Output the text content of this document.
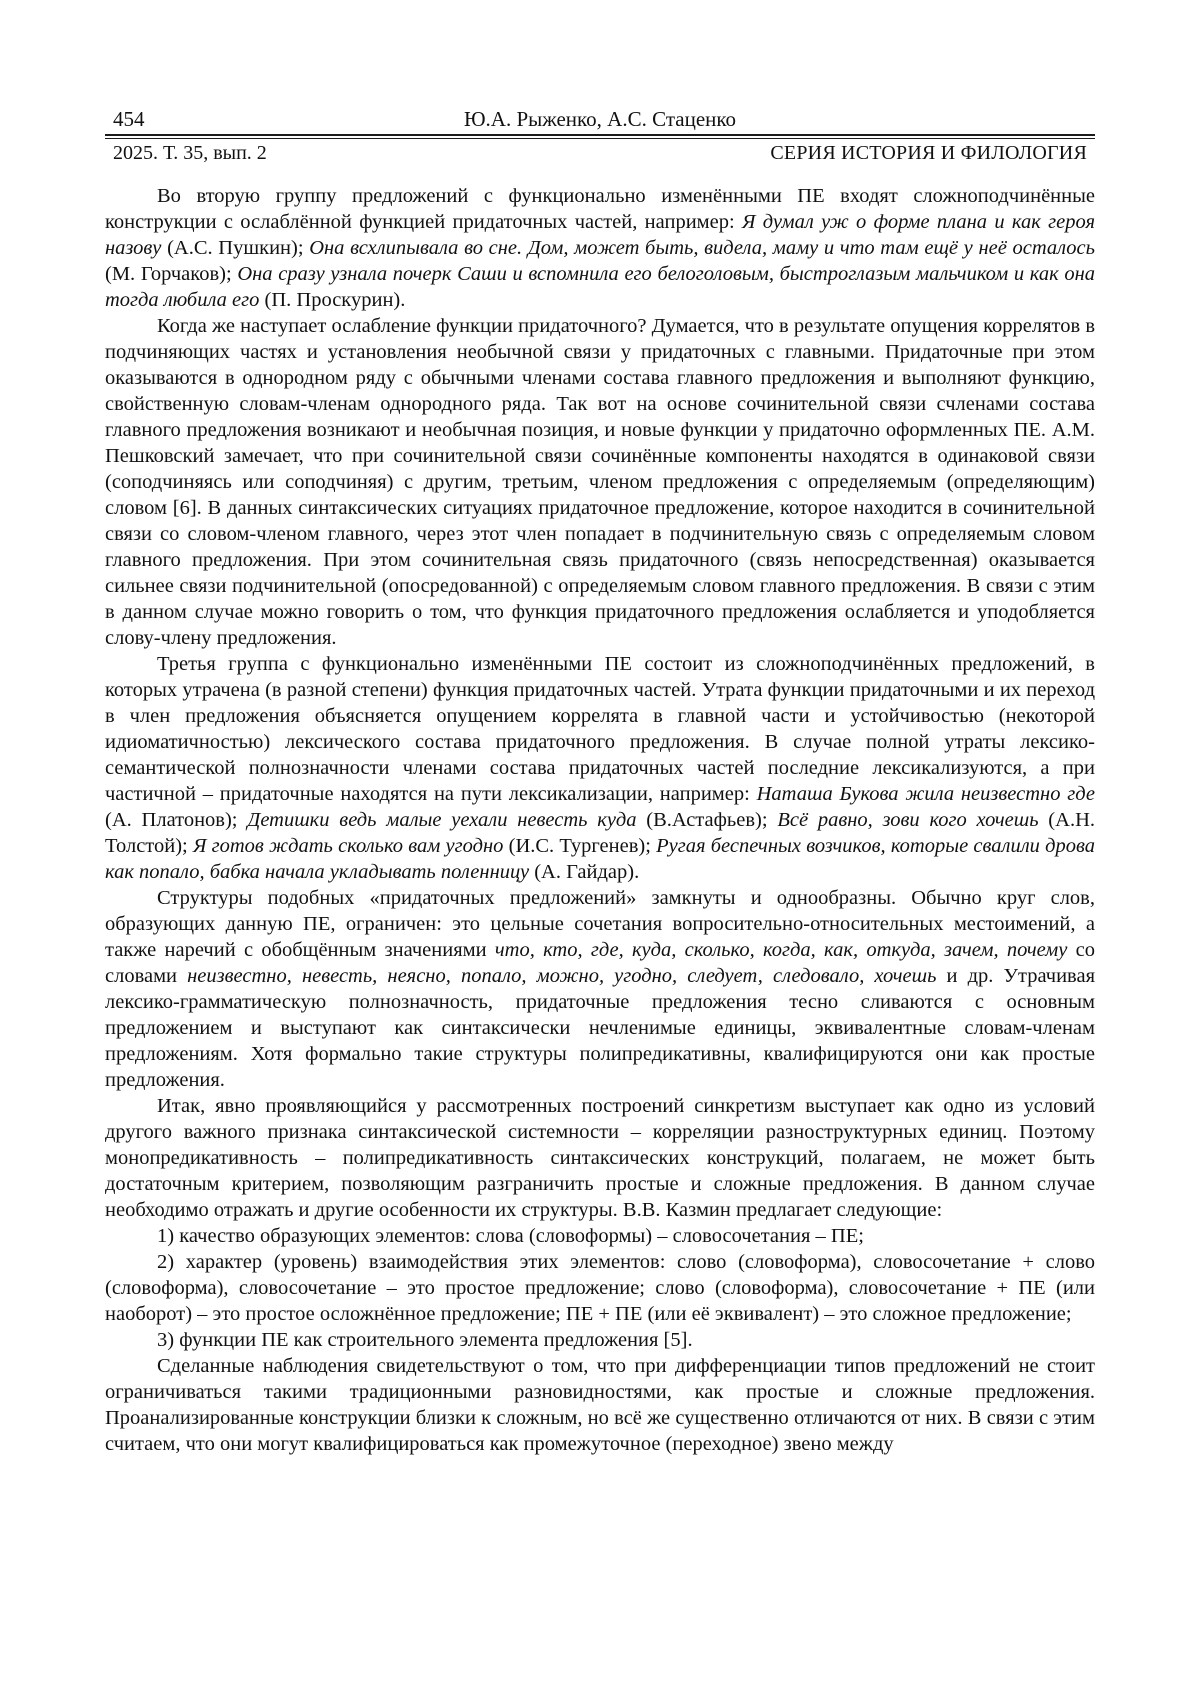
454	Ю.А. Рыженко, А.С. Стаценко
2025. Т. 35, вып. 2	СЕРИЯ ИСТОРИЯ И ФИЛОЛОГИЯ

Во вторую группу предложений с функционально изменёнными ПЕ входят сложноподчинённые конструкции с ослаблённой функцией придаточных частей, например: Я думал уж о форме плана и как героя назову (А.С. Пушкин); Она всхлипывала во сне. Дом, может быть, видела, маму и что там ещё у неё осталось (М. Горчаков); Она сразу узнала почерк Саши и вспомнила его белоголовым, быстроглазым мальчиком и как она тогда любила его (П. Проскурин).

Когда же наступает ослабление функции придаточного? Думается, что в результате опущения коррелятов в подчиняющих частях и установления необычной связи у придаточных с главными. Придаточные при этом оказываются в однородном ряду с обычными членами состава главного предложения и выполняют функцию, свойственную словам-членам однородного ряда. Так вот на основе сочинительной связи счленами состава главного предложения возникают и необычная позиция, и новые функции у придаточно оформленных ПЕ. А.М. Пешковский замечает, что при сочинительной связи сочинённые компоненты находятся в одинаковой связи (соподчиняясь или соподчиняя) с другим, третьим, членом предложения с определяемым (определяющим) словом [6]. В данных синтаксических ситуациях придаточное предложение, которое находится в сочинительной связи со словом-членом главного, через этот член попадает в подчинительную связь с определяемым словом главного предложения. При этом сочинительная связь придаточного (связь непосредственная) оказывается сильнее связи подчинительной (опосредованной) с определяемым словом главного предложения. В связи с этим в данном случае можно говорить о том, что функция придаточного предложения ослабляется и уподобляется слову-члену предложения.

Третья группа с функционально изменёнными ПЕ состоит из сложноподчинённых предложений, в которых утрачена (в разной степени) функция придаточных частей. Утрата функции придаточными и их переход в член предложения объясняется опущением коррелята в главной части и устойчивостью (некоторой идиоматичностью) лексического состава придаточного предложения. В случае полной утраты лексико-семантической полнозначности членами состава придаточных частей последние лексикализуются, а при частичной – придаточные находятся на пути лексикализации, например: Наташа Букова жила неизвестно где (А. Платонов); Детишки ведь малые уехали невесть куда (В.Астафьев); Всё равно, зови кого хочешь (А.Н. Толстой); Я готов ждать сколько вам угодно (И.С. Тургенев); Ругая беспечных возчиков, которые свалили дрова как попало, бабка начала укладывать поленницу (А. Гайдар).

Структуры подобных «придаточных предложений» замкнуты и однообразны. Обычно круг слов, образующих данную ПЕ, ограничен: это цельные сочетания вопросительно-относительных местоимений, а также наречий с обобщённым значениями что, кто, где, куда, сколько, когда, как, откуда, зачем, почему со словами неизвестно, невесть, неясно, попало, можно, угодно, следует, следовало, хочешь и др. Утрачивая лексико-грамматическую полнозначность, придаточные предложения тесно сливаются с основным предложением и выступают как синтаксически нечленимые единицы, эквивалентные словам-членам предложениям. Хотя формально такие структуры полипредикативны, квалифицируются они как простые предложения.

Итак, явно проявляющийся у рассмотренных построений синкретизм выступает как одно из условий другого важного признака синтаксической системности – корреляции разноструктурных единиц. Поэтому монопредикативность – полипредикативность синтаксических конструкций, полагаем, не может быть достаточным критерием, позволяющим разграничить простые и сложные предложения. В данном случае необходимо отражать и другие особенности их структуры. В.В. Казмин предлагает следующие:

1) качество образующих элементов: слова (словоформы) – словосочетания – ПЕ;

2) характер (уровень) взаимодействия этих элементов: слово (словоформа), словосочетание + слово (словоформа), словосочетание – это простое предложение; слово (словоформа), словосочетание + ПЕ (или наоборот) – это простое осложнённое предложение; ПЕ + ПЕ (или её эквивалент) – это сложное предложение;

3) функции ПЕ как строительного элемента предложения [5].

Сделанные наблюдения свидетельствуют о том, что при дифференциации типов предложений не стоит ограничиваться такими традиционными разновидностями, как простые и сложные предложения. Проанализированные конструкции близки к сложным, но всё же существенно отличаются от них. В связи с этим считаем, что они могут квалифицироваться как промежуточное (переходное) звено между
